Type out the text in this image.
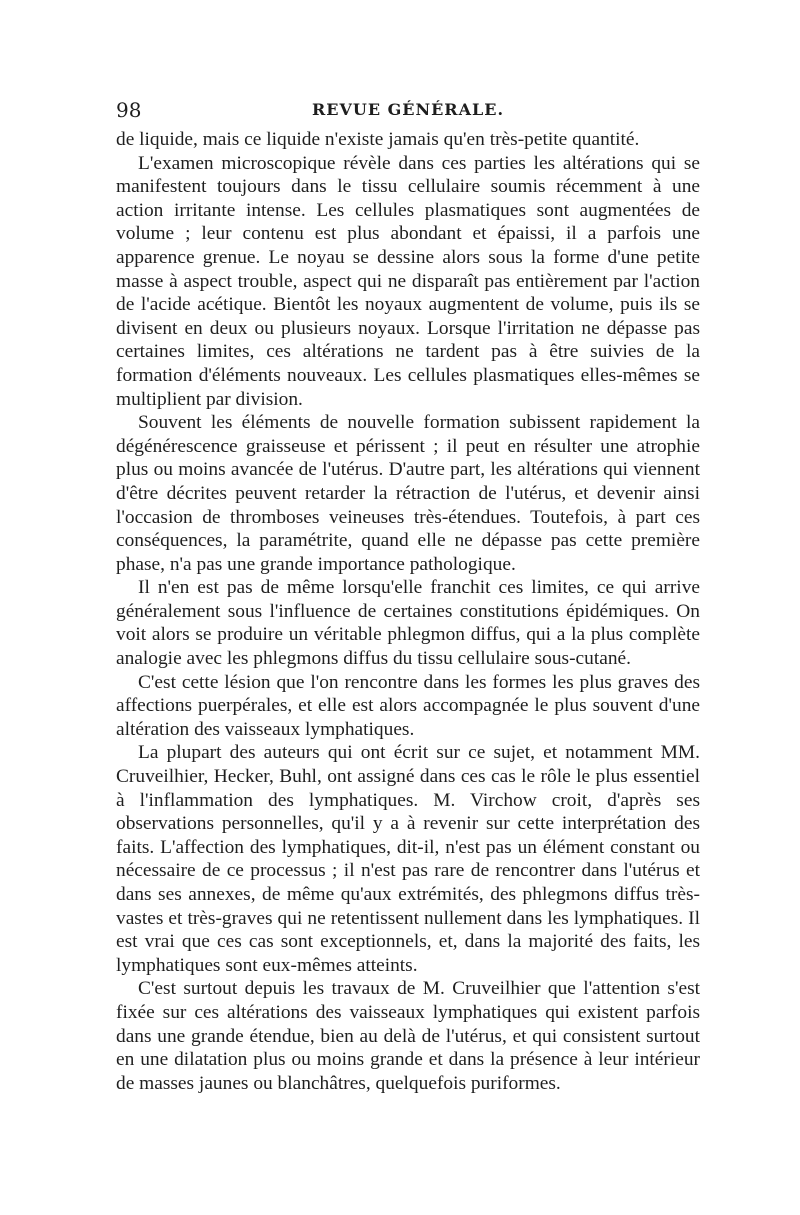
98	REVUE GÉNÉRALE.

de liquide, mais ce liquide n'existe jamais qu'en très-petite quantité.

L'examen microscopique révèle dans ces parties les altérations qui se manifestent toujours dans le tissu cellulaire soumis récemment à une action irritante intense. Les cellules plasmatiques sont augmentées de volume ; leur contenu est plus abondant et épaissi, il a parfois une apparence grenue. Le noyau se dessine alors sous la forme d'une petite masse à aspect trouble, aspect qui ne disparaît pas entièrement par l'action de l'acide acétique. Bientôt les noyaux augmentent de volume, puis ils se divisent en deux ou plusieurs noyaux. Lorsque l'irritation ne dépasse pas certaines limites, ces altérations ne tardent pas à être suivies de la formation d'éléments nouveaux. Les cellules plasmatiques elles-mêmes se multiplient par division.

Souvent les éléments de nouvelle formation subissent rapidement la dégénérescence graisseuse et périssent ; il peut en résulter une atrophie plus ou moins avancée de l'utérus. D'autre part, les altérations qui viennent d'être décrites peuvent retarder la rétraction de l'utérus, et devenir ainsi l'occasion de thromboses veineuses très-étendues. Toutefois, à part ces conséquences, la paramétrite, quand elle ne dépasse pas cette première phase, n'a pas une grande importance pathologique.

Il n'en est pas de même lorsqu'elle franchit ces limites, ce qui arrive généralement sous l'influence de certaines constitutions épidémiques. On voit alors se produire un véritable phlegmon diffus, qui a la plus complète analogie avec les phlegmons diffus du tissu cellulaire sous-cutané.

C'est cette lésion que l'on rencontre dans les formes les plus graves des affections puerpérales, et elle est alors accompagnée le plus souvent d'une altération des vaisseaux lymphatiques.

La plupart des auteurs qui ont écrit sur ce sujet, et notamment MM. Cruveilhier, Hecker, Buhl, ont assigné dans ces cas le rôle le plus essentiel à l'inflammation des lymphatiques. M. Virchow croit, d'après ses observations personnelles, qu'il y a à revenir sur cette interprétation des faits. L'affection des lymphatiques, dit-il, n'est pas un élément constant ou nécessaire de ce processus ; il n'est pas rare de rencontrer dans l'utérus et dans ses annexes, de même qu'aux extrémités, des phlegmons diffus très-vastes et très-graves qui ne retentissent nullement dans les lymphatiques. Il est vrai que ces cas sont exceptionnels, et, dans la majorité des faits, les lymphatiques sont eux-mêmes atteints.

C'est surtout depuis les travaux de M. Cruveilhier que l'attention s'est fixée sur ces altérations des vaisseaux lymphatiques qui existent parfois dans une grande étendue, bien au delà de l'utérus, et qui consistent surtout en une dilatation plus ou moins grande et dans la présence à leur intérieur de masses jaunes ou blanchâtres, quelquefois puriformes.
